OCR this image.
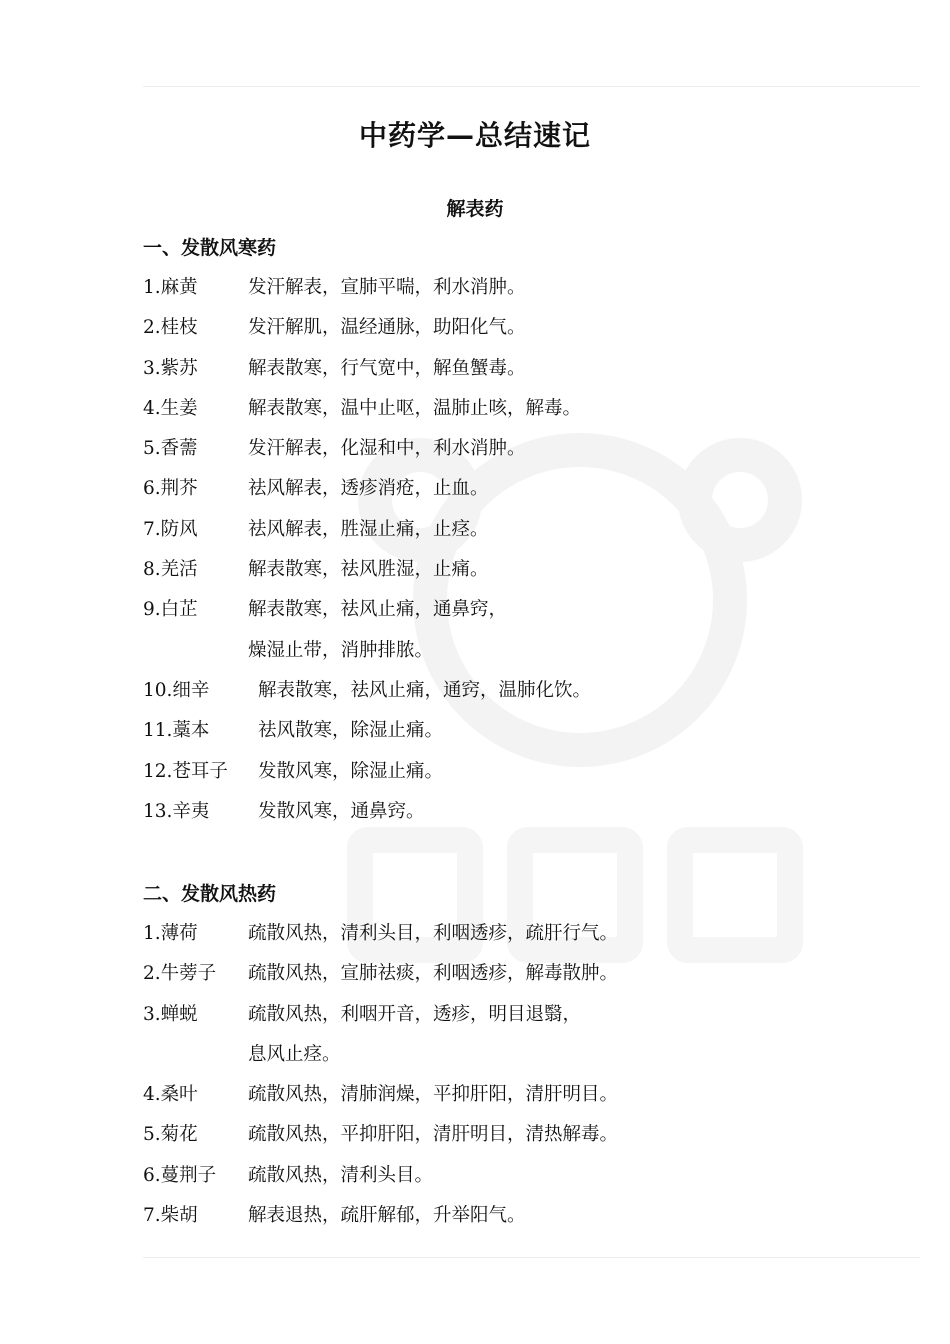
中药学—总结速记
解表药
一、发散风寒药
1.麻黄	发汗解表，宣肺平喘，利水消肿。
2.桂枝	发汗解肌，温经通脉，助阳化气。
3.紫苏	解表散寒，行气宽中，解鱼蟹毒。
4.生姜	解表散寒，温中止呕，温肺止咳，解毒。
5.香薷	发汗解表，化湿和中，利水消肿。
6.荆芥	祛风解表，透疹消疮，止血。
7.防风	祛风解表，胜湿止痛，止痉。
8.羌活	解表散寒，祛风胜湿，止痛。
9.白芷	解表散寒，祛风止痛，通鼻窍，
燥湿止带，消肿排脓。
10.细辛	解表散寒，祛风止痛，通窍，温肺化饮。
11.藁本	祛风散寒，除湿止痛。
12.苍耳子	发散风寒，除湿止痛。
13.辛夷	发散风寒，通鼻窍。
二、发散风热药
1.薄荷	疏散风热，清利头目，利咽透疹，疏肝行气。
2.牛蒡子	疏散风热，宣肺祛痰，利咽透疹，解毒散肿。
3.蝉蜕	疏散风热，利咽开音，透疹，明目退翳，
息风止痉。
4.桑叶	疏散风热，清肺润燥，平抑肝阳，清肝明目。
5.菊花	疏散风热，平抑肝阳，清肝明目，清热解毒。
6.蔓荆子	疏散风热，清利头目。
7.柴胡	解表退热，疏肝解郁，升举阳气。
